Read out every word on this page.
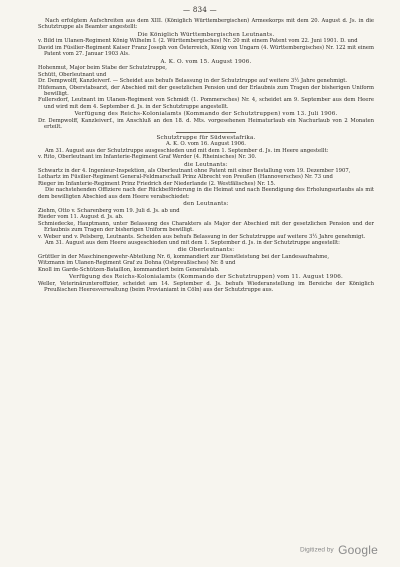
— 834 —

Nach erfolgtem Aufschreiten aus dem XIII. (Königlich Württembergischen) Armeekorps mit dem 20. August d. Js. in die Schutztruppe als Beamter angestellt:

Die Königlich Württembergischen Leutnants.

v. Bild im Ulanen-Regiment König Wilhelm I. (2. Württembergisches) Nr. 20 mit einem Patent vom 22. Juni 1901. D. und

David im Füsilier-Regiment Kaiser Franz Joseph von Österreich, König von Ungarn (4. Württembergisches) Nr. 122 mit einem Patent vom 27. Januar 1903 Als.

A. K. O. vom 15. August 1906.

Hohenmut, Major beim Stabe der Schutztruppe,

Schütt, Oberleutnant und

Dr. Dempwolff, Kanzleiverf. — Scheidet aus behufs Belassung in der Schutztruppe auf weitere 3½ Jahre genehmigt.

Hüfemann, Oberstabsarzt, der Abschied mit der gesetzlichen Pension und der Erlaubnis zum Tragen der bisherigen Uniform bewilligt.

Fullersdorf, Leutnant im Ulanen-Regiment von Schmidt (1. Pommersches) Nr. 4, scheidet am 9. September aus dem Heere und wird mit dem 4. September d. Js. in der Schutztruppe angestellt.

Verfügung des Reichs-Kolonialamts (Kommando der Schutztruppen) vom 13. Juli 1906.

Dr. Dempwolff, Kanzleiverf., im Anschluß an den 18. d. Mts. vorgesehenen Heimaturlaub ein Nachurlaub von 2 Monaten erteilt.

Schutztruppe für Südwestafrika.

A. K. O. vom 16. August 1906.

Am 31. August aus der Schutztruppe ausgeschieden und mit dem 1. September d. Js. im Heere angestellt:

v. Rito, Oberleutnant im Infanterie-Regiment Graf Werder (4. Rheinisches) Nr. 30.

die Leutnants:

Schwartz in der 4. Ingenieur-Inspektion, als Oberleutnant ohne Patent mit einer Bestallung vom 19. Dezember 1907,

Lothartz im Füsilier-Regiment General-Feldmarschall Prinz Albrecht von Preußen (Hannoversches) Nr. 73 und

Rieger im Infanterie-Regiment Prinz Friedrich der Niederlande (2. Westfälisches) Nr. 15.

Die nachstehenden Offiziere nach der Rückbeförderung in die Heimat und nach Beendigung des Erholungsurlaubs als mit dem bewilligten Abschied aus dem Heere verabschiedet:

den Leutnants:

Ziehm, Otto v. Scharenberg vom 19. Juli d. Js. ab und

Rieder vom 11. August d. Js. ab.

Schmiedecke, Hauptmann, unter Belassung des Charakters als Major der Abschied mit der gesetzlichen Pension und der Erlaubnis zum Tragen der bisherigen Uniform bewilligt.

v. Weber und v. Pelsberg, Leutnants. Scheiden aus behufs Belassung in der Schutztruppe auf weitere 3½ Jahre genehmigt.

Am 31. August aus dem Heere ausgeschieden und mit dem 1. September d. Js. in der Schutztruppe angestellt:

die Oberleutnants:

Grüttler in der Maschinengewehr-Abteilung Nr. 6, kommandiert zur Dienstleistung bei der Landesaufnahme,

Witzmann im Ulanen-Regiment Graf zu Dohna (Ostpreußisches) Nr. 8 und

Knoll im Garde-Schützen-Bataillon, kommandiert beim Generalstab.

Verfügung des Reichs-Kolonialamts (Kommando der Schutztruppen) vom 11. August 1906.

Weller, Veterinärunteroffizier, scheidet am 14. September d. Js. behufs Wiederanstellung im Bereiche der Königlich Preußischen Heeresverwaltung (beim Provianiamt in Cöln) aus der Schutztruppe aus.

Digitized by Google
